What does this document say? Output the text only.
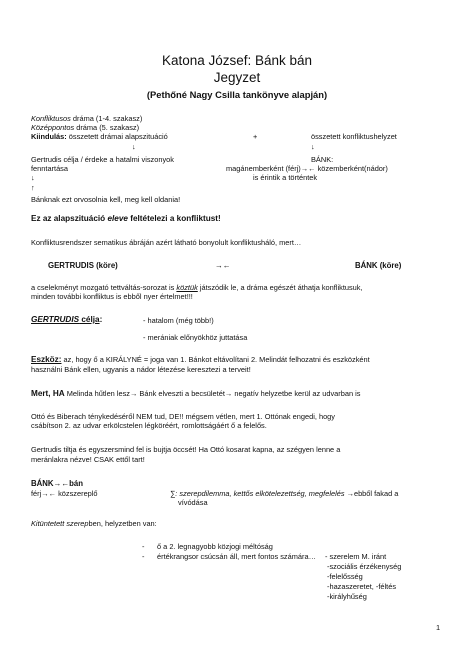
Katona József: Bánk bán
Jegyzet
(Pethőné Nagy Csilla tankönyve alapján)
Konfliktusos dráma (1-4. szakasz)
Középpontos dráma (5. szakasz)
Kiindulás: összetett drámai alapszituáció	+	összetett konfliktushelyzet
↓	↓
Gertrudis célja / érdeke a hatalmi viszonyok	BÁNK:
fenntartása	magánemberként (férj)→← közemberként(nádor)
↓	is érintik a történtek
↑
Bánknak ezt orvosolnia kell, meg kell oldania!
Ez az alapszituáció eleve feltételezi a konfliktust!
Konfliktusrendszer sematikus ábráján azért látható bonyolult konfliktusháló, mert…
GERTRUDIS (köre)	→←	BÁNK (köre)
a cselekményt mozgató tettváltás-sorozat is köztük játszódik le, a dráma egészét áthatja konfliktusuk,
minden további konfliktus is ebből nyer értelmet!!!
GERTRUDIS célja:	- hatalom (még több!)
- merániak előnyökhöz juttatása
Eszköz: az, hogy ő a KIRÁLYNÉ = joga van 1. Bánkot eltávolítani 2. Melindát felhozatni és eszközként
használni Bánk ellen, ugyanis a nádor létezése keresztezi a terveit!
Mert, HA Melinda hűtlen lesz→ Bánk elveszti a becsületét→ negatív helyzetbe kerül az udvarban is
Ottó és Biberach ténykedéséről NEM tud, DE!! mégsem vétlen, mert 1. Ottónak engedi, hogy
csábítson 2. az udvar erkölcstelen légköréért, romlottságáért ő a felelős.
Gertrudis tiltja és egyszersmind fel is bujtja öccsét! Ha Ottó kosarat kapna, az szégyen lenne a
meránlakra nézve! CSAK ettől tart!
BÁNK→←bán
férj→← közszereplő	∑: szerepdilemma, kettős elkötelezettség, megfelelés →ebből fakad a
vívódása
Kitüntetett szerepben, helyzetben van:
- ő a 2. legnagyobb közjogi méltóság
- értékrangsor csúcsán áll, mert fontos számára… - szerelem M. iránt
-szociális érzékenység
-felelősség
-hazaszeretet, -féltés
-királyhűség
1
